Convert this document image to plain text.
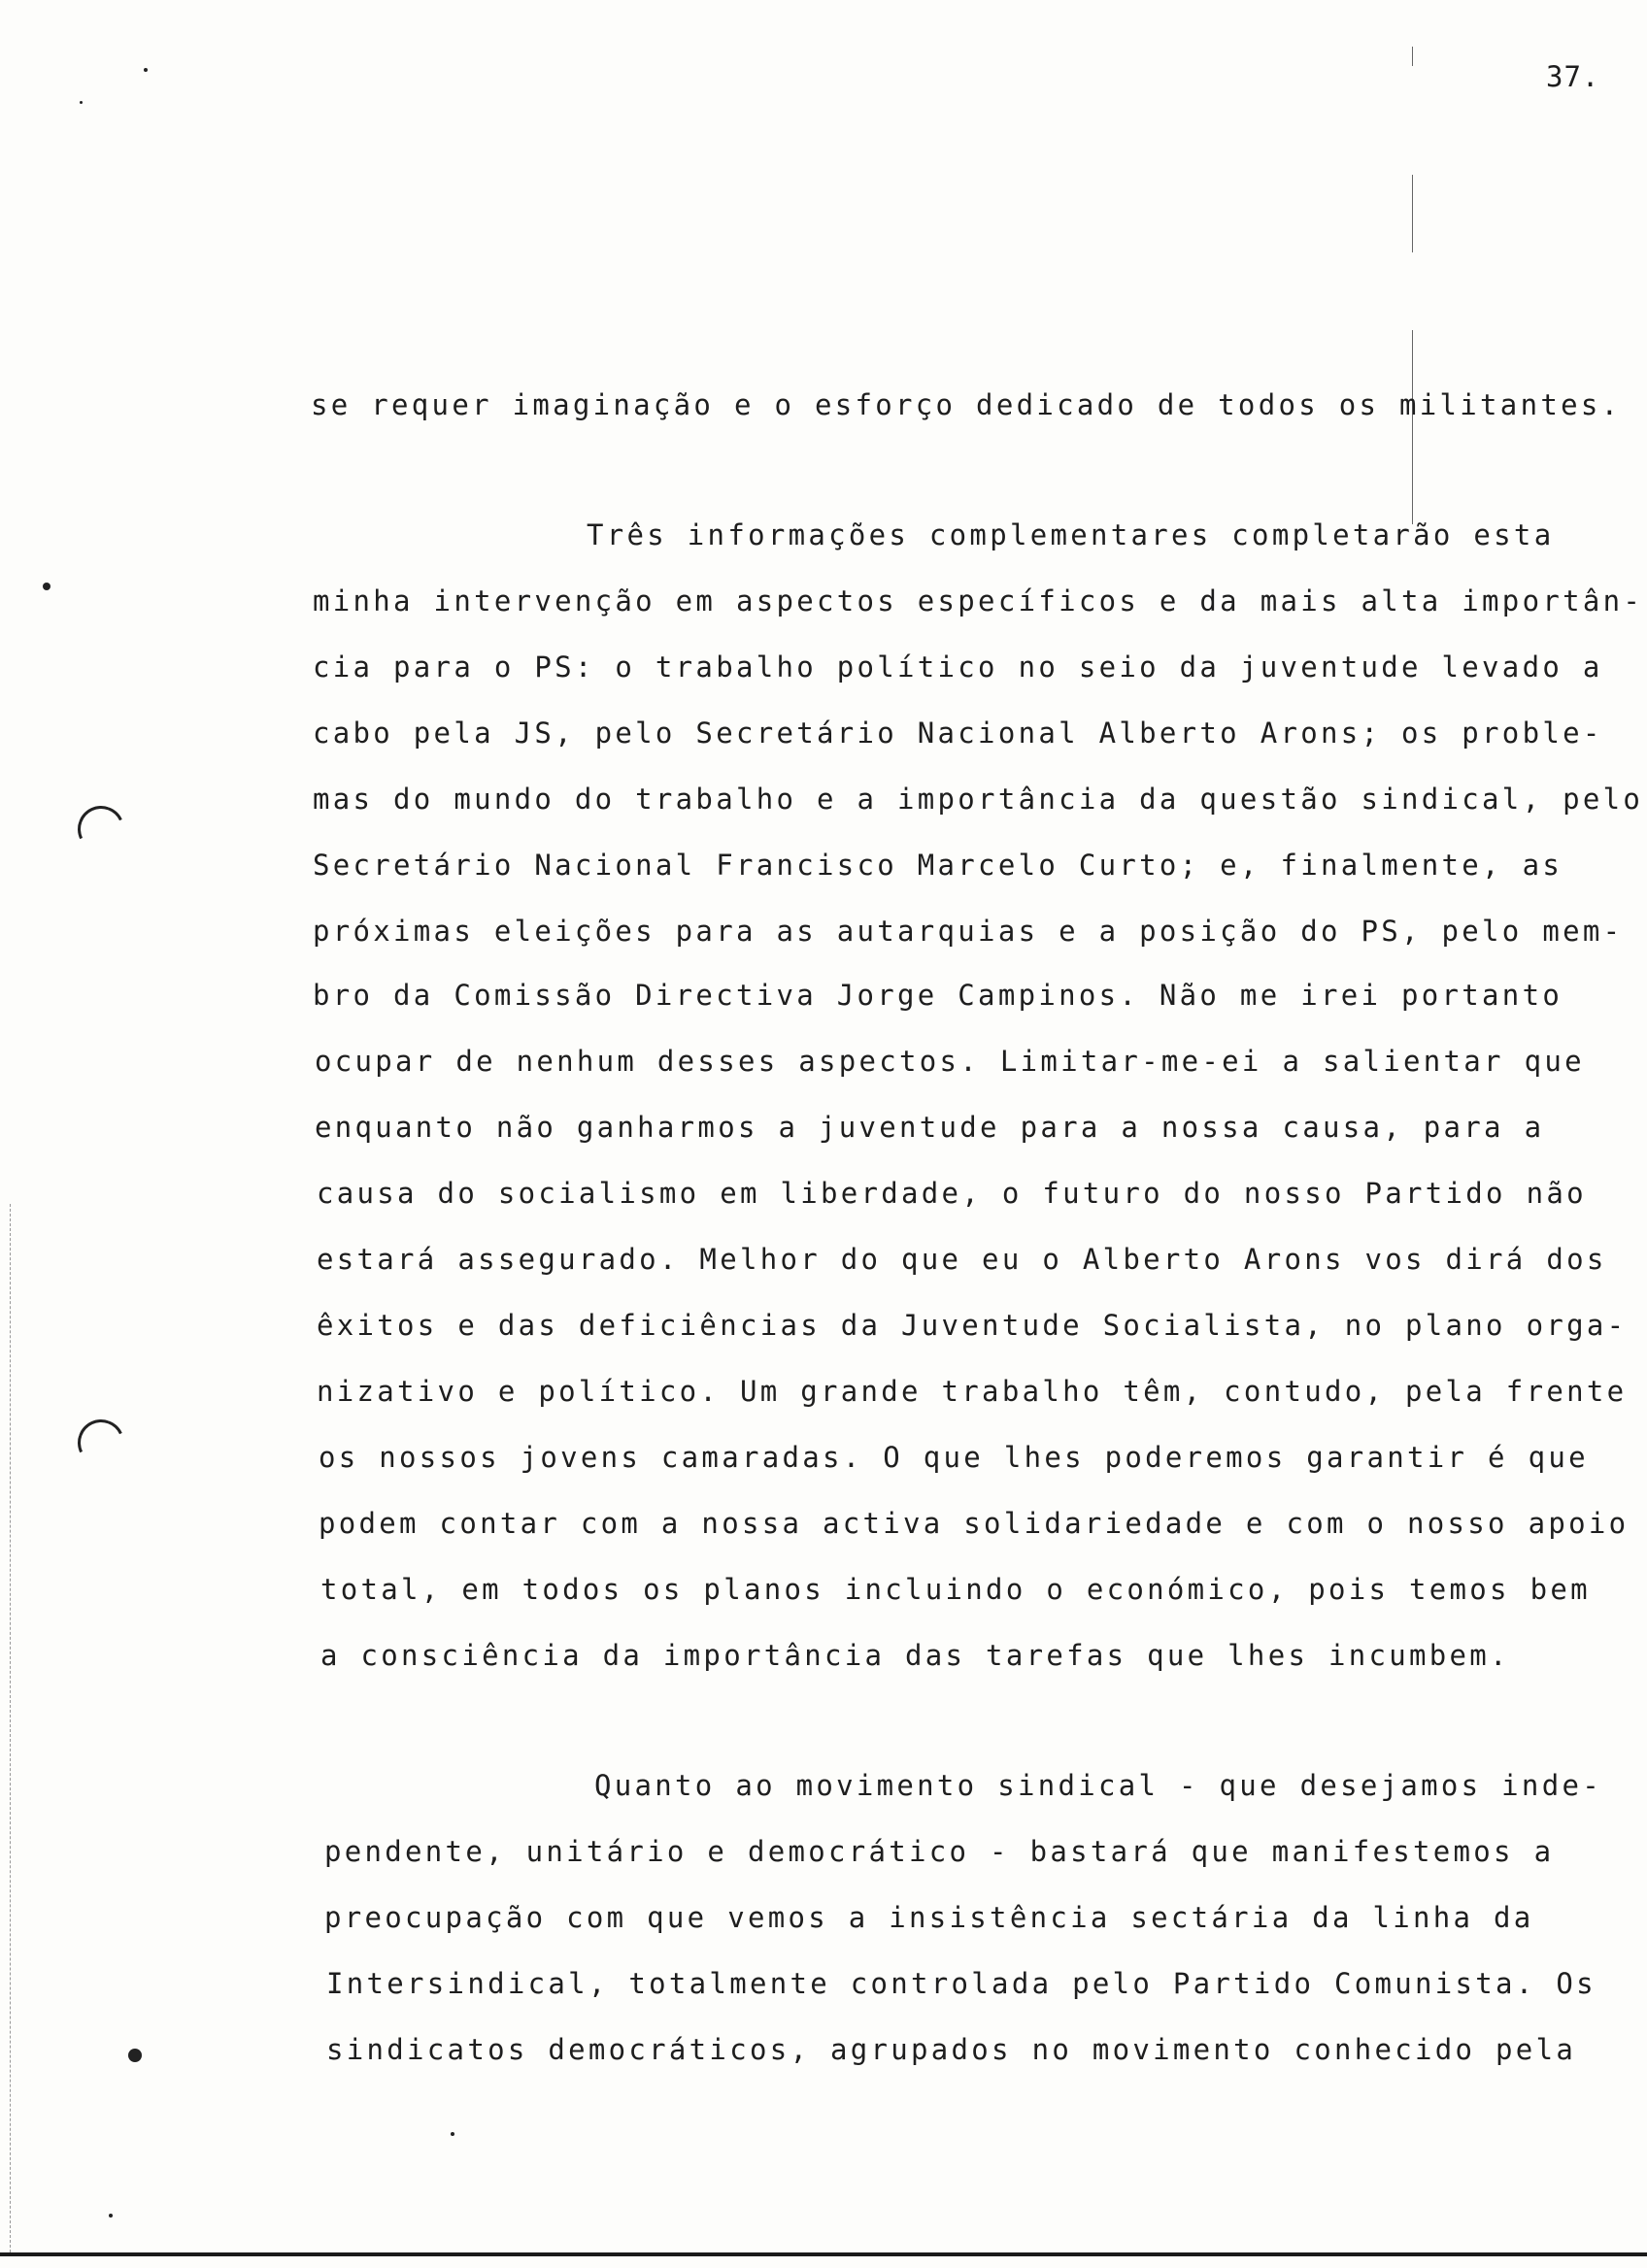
37.
se requer imaginação e o esforço dedicado de todos os militantes.
Três informações complementares completarão esta
minha intervenção em aspectos específicos e da mais alta importân-
cia para o PS: o trabalho político no seio da juventude levado a
cabo pela JS, pelo Secretário Nacional Alberto Arons; os proble-
mas do mundo do trabalho e a importância da questão sindical, pelo
Secretário Nacional Francisco Marcelo Curto; e, finalmente, as
próximas eleições para as autarquias e a posição do PS, pelo mem-
bro da Comissão Directiva Jorge Campinos. Não me irei portanto
ocupar de nenhum desses aspectos. Limitar-me-ei a salientar que
enquanto não ganharmos a juventude para a nossa causa, para a
causa do socialismo em liberdade, o futuro do nosso Partido não
estará assegurado. Melhor do que eu o Alberto Arons vos dirá dos
êxitos e das deficiências da Juventude Socialista, no plano orga-
nizativo e político. Um grande trabalho têm, contudo, pela frente
os nossos jovens camaradas. O que lhes poderemos garantir é que
podem contar com a nossa activa solidariedade e com o nosso apoio
total, em todos os planos incluindo o económico, pois temos bem
a consciência da importância das tarefas que lhes incumbem.
Quanto ao movimento sindical - que desejamos inde-
pendente, unitário e democrático - bastará que manifestemos a
preocupação com que vemos a insistência sectária da linha da
Intersindical, totalmente controlada pelo Partido Comunista. Os
sindicatos democráticos, agrupados no movimento conhecido pela
